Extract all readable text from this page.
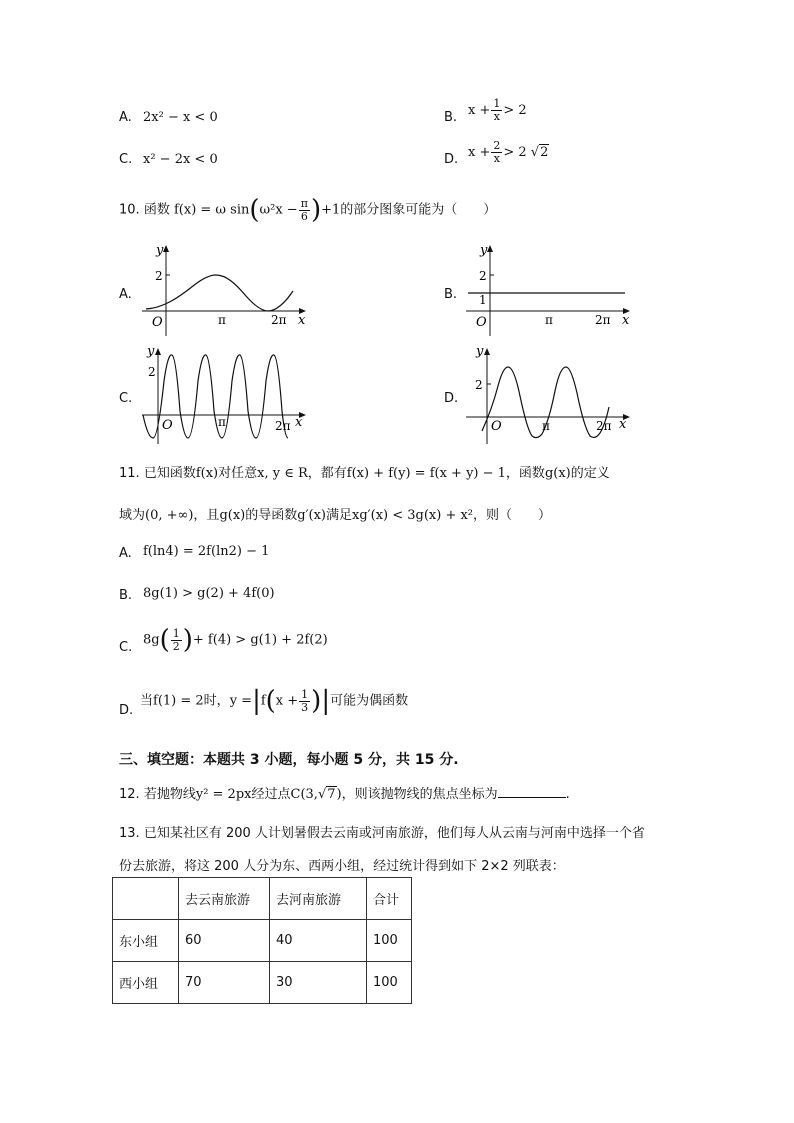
A. 2x² − x < 0	B. $x + \frac{1}{x} > 2$
C. x² − 2x < 0	D. $x + \frac{2}{x} > 2$ √2
10. 函数 f(x) = ω $\sin(\omega^2x - \frac{\pi}{6} )+1$的部分图象可能为（　　）
A.
y
2
O	π	2π x
B.
y
2
1
O	π	2π x
C.
y
2
O	π	2π x
D.
y
2
O	π	2π x
11. 已知函数f(x)对任意x, y ∈ R，都有f(x) + f(y) = f(x + y) − 1，函数g(x)的定义
域为(0, +∞)，且g(x)的导函数g′(x)满足xg′(x) < 3g(x) + x²，则（　　）
A. f(ln4) = 2f(ln2) − 1
B. 8g(1) > g(2) + 4f(0)
C. $8g( \frac{1}{2}$ )+ f(4) > g(1) + 2f(2)
D.
当f(1) = 2时，$y =|f(x + \frac{1}{3}$ )|可能为偶函数
三、填空题：本题共 3 小题，每小题 5 分，共 15 分.
12. 若抛物线y² = 2px经过点C(3,√7)，则该抛物线的焦点坐标为	.
13. 已知某社区有 200 人计划暑假去云南或河南旅游，他们每人从云南与河南中选择一个省
份去旅游，将这 200 人分为东、西两小组，经过统计得到如下 2×2 列联表：
	去云南旅游	去河南旅游	合计
东小组	60	40	100
西小组	70	30	100
